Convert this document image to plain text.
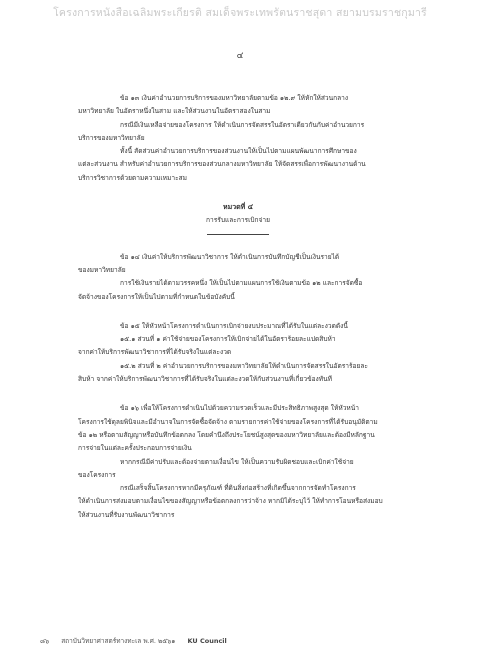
โครงการหนังสือเฉลิมพระเกียรติ สมเด็จพระเทพรัตนราชสุดา สยามบรมราชกุมารี
๔

ข้อ ๑๓ เงินค่าอำนวยการบริการของมหาวิทยาลัยตามข้อ ๑๒.๙ ให้หักให้ส่วนกลาง

มหาวิทยาลัย ในอัตราหนึ่งในสาม และให้ส่วนงานในอัตราสองในสาม

กรณีมีเงินเหลือจ่ายของโครงการ ให้ดำเนินการจัดสรรในอัตราเดียวกันกับค่าอำนวยการ

บริการของมหาวิทยาลัย

ทั้งนี้ สัดส่วนค่าอำนวยการบริการของส่วนงานให้เป็นไปตามแผนพัฒนาการศึกษาของ

แต่ละส่วนงาน สำหรับค่าอำนวยการบริการของส่วนกลางมหาวิทยาลัย ให้จัดสรรเพื่อการพัฒนางานด้าน

บริการวิชาการด้วยตามความเหมาะสม

หมวดที่ ๔

การรับและการเบิกจ่าย

ข้อ ๑๔ เงินค่าให้บริการพัฒนาวิชาการ ให้ดำเนินการบันทึกบัญชีเป็นเงินรายได้

ของมหาวิทยาลัย

การใช้เงินรายได้ตามวรรคหนึ่ง ให้เป็นไปตามแผนการใช้เงินตามข้อ ๑๒ และการจัดซื้อ

จัดจ้างของโครงการให้เป็นไปตามที่กำหนดในข้อบังคับนี้

ข้อ ๑๕ ให้หัวหน้าโครงการดำเนินการเบิกจ่ายงบประมาณที่ได้รับในแต่ละงวดดังนี้

๑๕.๑ ส่วนที่ ๑ ค่าใช้จ่ายของโครงการให้เบิกจ่ายได้ในอัตราร้อยละแปดสิบห้า

จากค่าให้บริการพัฒนาวิชาการที่ได้รับจริงในแต่ละงวด

๑๕.๒ ส่วนที่ ๒ ค่าอำนวยการบริการของมหาวิทยาลัยให้ดำเนินการจัดสรรในอัตราร้อยละ

สิบห้า จากค่าให้บริการพัฒนาวิชาการที่ได้รับจริงในแต่ละงวดให้กับส่วนงานที่เกี่ยวข้องทันที

ข้อ ๑๖ เพื่อให้โครงการดำเนินไปด้วยความรวดเร็วและมีประสิทธิภาพสูงสุด ให้หัวหน้า

โครงการใช้ดุลยพินิจและมีอำนาจในการจัดซื้อจัดจ้าง ตามรายการค่าใช้จ่ายของโครงการที่ได้รับอนุมัติตาม

ข้อ ๑๒ หรือตามสัญญาหรือบันทึกข้อตกลง โดยคำนึงถึงประโยชน์สูงสุดของมหาวิทยาลัยและต้องมีหลักฐาน

การจ่ายในแต่ละครั้งประกอบการจ่ายเงิน

หากกรณีมีค่าปรับและต้องจ่ายตามเงื่อนไข ให้เป็นความรับผิดชอบและเบิกค่าใช้จ่าย

ของโครงการ

กรณีเสร็จสิ้นโครงการหากมีครุภัณฑ์ ที่ดินสิ่งก่อสร้างที่เกิดขึ้นจากการจัดทำโครงการ

ให้ดำเนินการส่งมอบตามเงื่อนไขของสัญญาหรือข้อตกลงการว่าจ้าง หากมิได้ระบุไว้ ให้ทำการโอนหรือส่งมอบ

ให้ส่วนงานที่รับงานพัฒนาวิชาการ

๘๖ สถาบันวิทยาศาสตร์ทางทะเล พ.ศ. ๒๕๖๑ KU Council
